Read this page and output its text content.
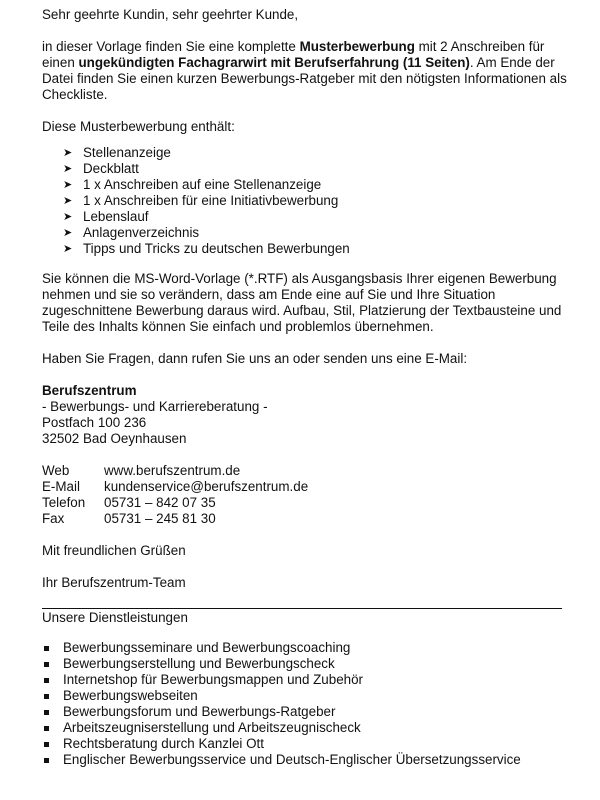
Sehr geehrte Kundin, sehr geehrter Kunde,

in dieser Vorlage finden Sie eine komplette Musterbewerbung mit 2 Anschreiben für einen ungekündigten Fachagrarwirt mit Berufserfahrung (11 Seiten). Am Ende der Datei finden Sie einen kurzen Bewerbungs-Ratgeber mit den nötigsten Informationen als Checkliste.

Diese Musterbewerbung enthält:

➤ Stellenanzeige
➤ Deckblatt
➤ 1 x Anschreiben auf eine Stellenanzeige
➤ 1 x Anschreiben für eine Initiativbewerbung
➤ Lebenslauf
➤ Anlagenverzeichnis
➤ Tipps und Tricks zu deutschen Bewerbungen

Sie können die MS-Word-Vorlage (*.RTF) als Ausgangsbasis Ihrer eigenen Bewerbung nehmen und sie so verändern, dass am Ende eine auf Sie und Ihre Situation zugeschnittene Bewerbung daraus wird. Aufbau, Stil, Platzierung der Textbausteine und Teile des Inhalts können Sie einfach und problemlos übernehmen.

Haben Sie Fragen, dann rufen Sie uns an oder senden uns eine E-Mail:

Berufszentrum

- Bewerbungs- und Karriereberatung -

Postfach 100 236

32502 Bad Oeynhausen

Web	www.berufszentrum.de
E-Mail	kundenservice@berufszentrum.de
Telefon	05731 – 842 07 35
Fax	05731 – 245 81 30

Mit freundlichen Grüßen

Ihr Berufszentrum-Team

Unsere Dienstleistungen

Bewerbungsseminare und Bewerbungscoaching
Bewerbungserstellung und Bewerbungscheck
Internetshop für Bewerbungsmappen und Zubehör
Bewerbungswebseiten
Bewerbungsforum und Bewerbungs-Ratgeber
Arbeitszeugniserstellung und Arbeitszeugnischeck
Rechtsberatung durch Kanzlei Ott
Englischer Bewerbungsservice und Deutsch-Englischer Übersetzungsservice
